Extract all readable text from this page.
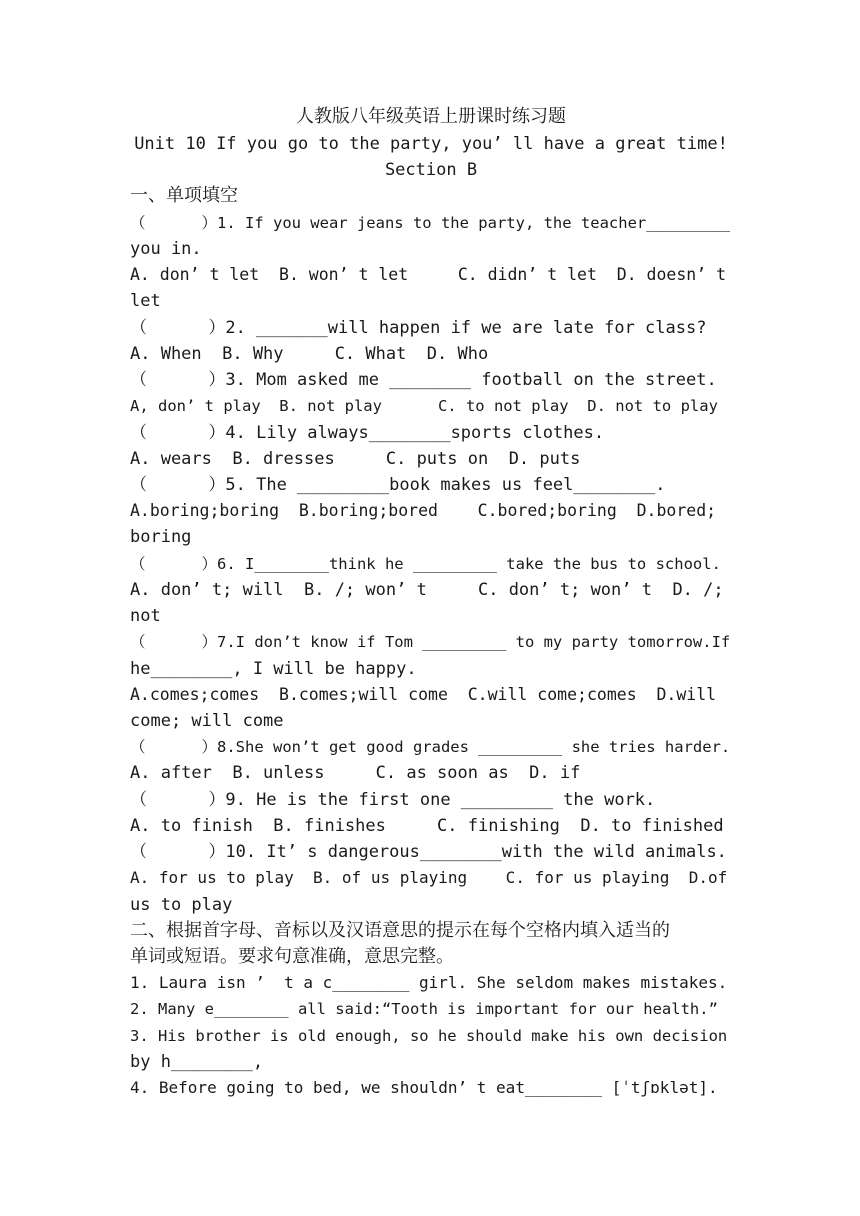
人教版八年级英语上册课时练习题
Unit 10 If you go to the party, you’ ll have a great time!
Section B
一、单项填空
（      ）1. If you wear jeans to the party, the teacher_________
you in.
A. don’ t let  B. won’ t let     C. didn’ t let  D. doesn’ t
let
（      ）2. _______will happen if we are late for class?
A. When  B. Why     C. What  D. Who
（      ）3. Mom asked me ________ football on the street.
A, don’ t play  B. not play      C. to not play  D. not to play
（      ）4. Lily always________sports clothes.
A. wears  B. dresses     C. puts on  D. puts
（      ）5. The _________book makes us feel________.
A.boring;boring  B.boring;bored    C.bored;boring  D.bored;
boring
（      ）6. I________think he _________ take the bus to school.
A. don’ t; will  B. /; won’ t     C. don’ t; won’ t  D. /;
not
（      ）7.I don’t know if Tom _________ to my party tomorrow.If
he________, I will be happy.
A.comes;comes  B.comes;will come  C.will come;comes  D.will
come; will come
（      ）8.She won’t get good grades _________ she tries harder.
A. after  B. unless     C. as soon as  D. if
（      ）9. He is the first one _________ the work.
A. to finish  B. finishes     C. finishing  D. to finished
（      ）10. It’ s dangerous________with the wild animals.
A. for us to play  B. of us playing    C. for us playing  D.of
us to play
二、根据首字母、音标以及汉语意思的提示在每个空格内填入适当的
单词或短语。要求句意准确，意思完整。
1. Laura isn ’  t a c________ girl. She seldom makes mistakes.
2. Many e________ all said:“Tooth is important for our health.”
3. His brother is old enough, so he should make his own decision
by h________,
4. Before going to bed, we shouldn’ t eat________ [ˈtʃɒklət].
